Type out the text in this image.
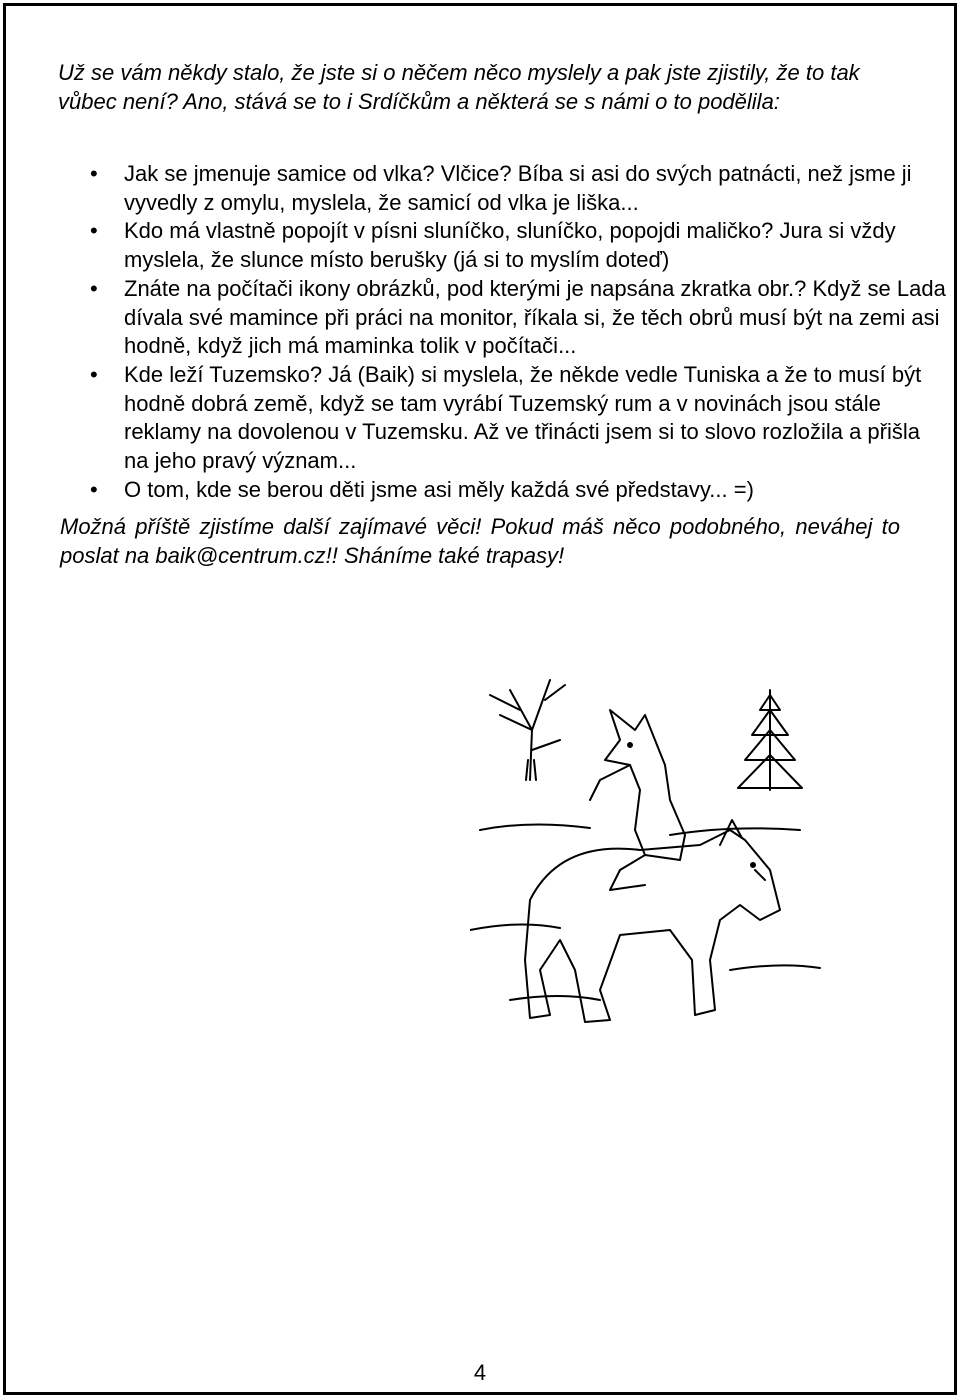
Už se vám někdy stalo, že jste si o něčem něco myslely a pak jste zjistily, že to tak vůbec není? Ano, stává se to i Srdíčkům a některá se s námi o to podělila:

• Jak se jmenuje samice od vlka? Vlčice? Bíba si asi do svých patnácti, než jsme ji vyvedly z omylu, myslela, že samicí od vlka je liška...
• Kdo má vlastně popojít v písni sluníčko, sluníčko, popojdi maličko? Jura si vždy myslela, že slunce místo berušky (já si to myslím doteď)
• Znáte na počítači ikony obrázků, pod kterými je napsána zkratka obr.? Když se Lada dívala své mamince při práci na monitor, říkala si, že těch obrů musí být na zemi asi hodně, když jich má maminka tolik v počítači...
• Kde leží Tuzemsko? Já (Baik) si myslela, že někde vedle Tuniska a že to musí být hodně dobrá země, když se tam vyrábí Tuzemský rum a v novinách jsou stále reklamy na dovolenou v Tuzemsku. Až ve třinácti jsem si to slovo rozložila a přišla na jeho pravý význam...
• O tom, kde se berou děti jsme asi měly každá své představy... =)

Možná příště zjistíme další zajímavé věci! Pokud máš něco podobného, neváhej to poslat na baik@centrum.cz!! Sháníme také trapasy!

4
